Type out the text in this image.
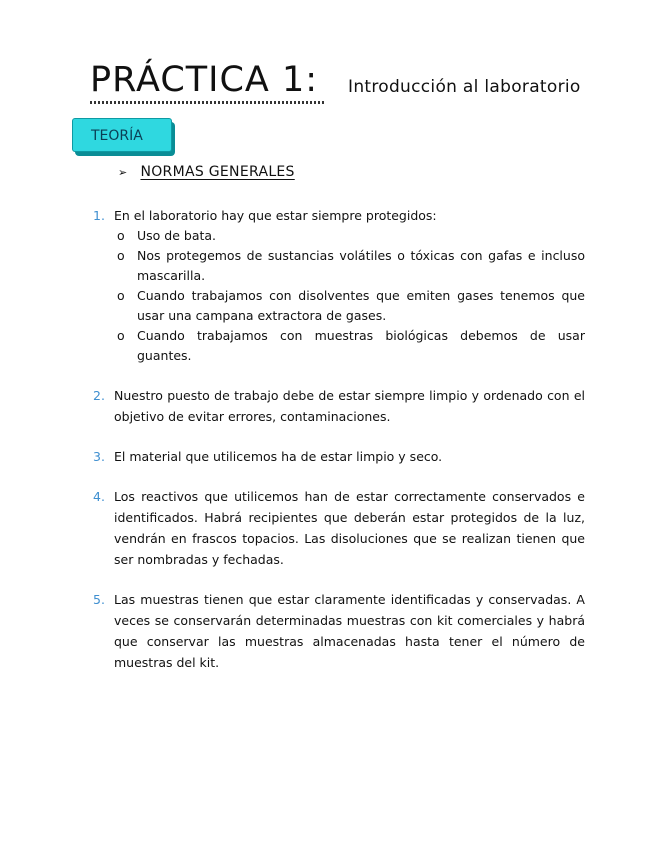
PRÁCTICA 1: Introducción al laboratorio
TEORÍA
➢ NORMAS GENERALES
1. En el laboratorio hay que estar siempre protegidos:
o Uso de bata.
o Nos protegemos de sustancias volátiles o tóxicas con gafas e incluso mascarilla.
o Cuando trabajamos con disolventes que emiten gases tenemos que usar una campana extractora de gases.
o Cuando trabajamos con muestras biológicas debemos de usar guantes.
2. Nuestro puesto de trabajo debe de estar siempre limpio y ordenado con el objetivo de evitar errores, contaminaciones.
3. El material que utilicemos ha de estar limpio y seco.
4. Los reactivos que utilicemos han de estar correctamente conservados e identificados. Habrá recipientes que deberán estar protegidos de la luz, vendrán en frascos topacios. Las disoluciones que se realizan tienen que ser nombradas y fechadas.
5. Las muestras tienen que estar claramente identificadas y conservadas. A veces se conservarán determinadas muestras con kit comerciales y habrá que conservar las muestras almacenadas hasta tener el número de muestras del kit.
